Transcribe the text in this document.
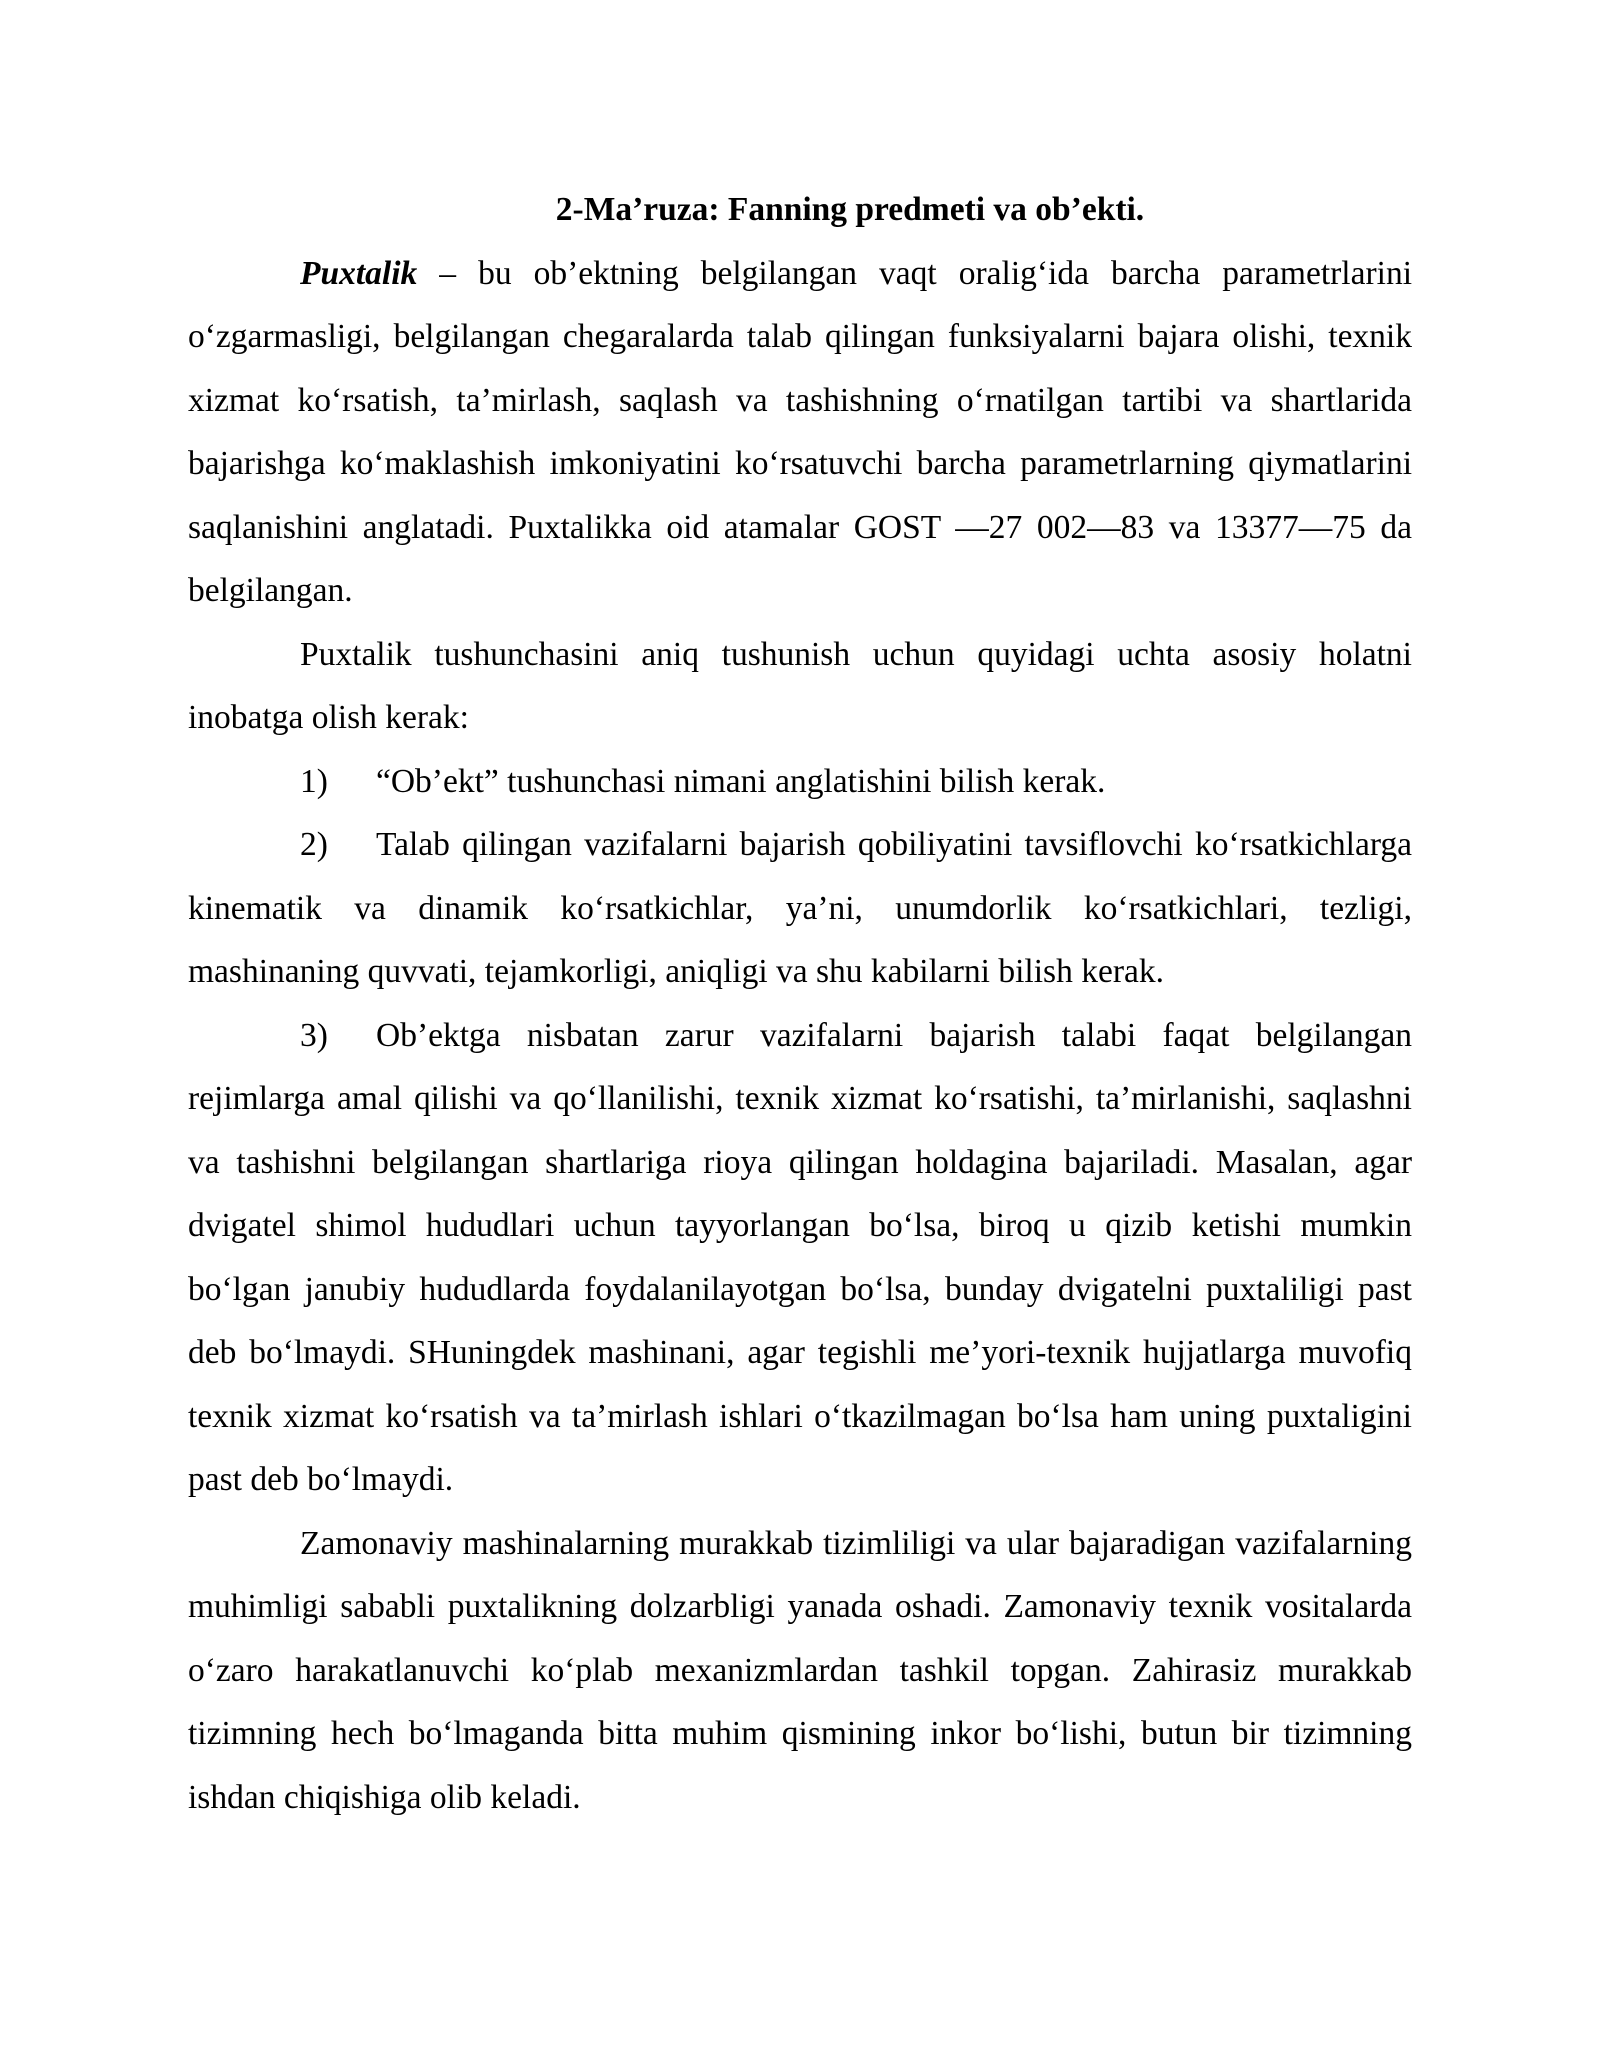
2-Ma’ruza: Fanning predmeti va ob’ekti.

Puxtalik – bu ob’ektning belgilangan vaqt oralig‘ida barcha parametrlarini o‘zgarmasligi, belgilangan chegaralarda talab qilingan funksiyalarni bajara olishi, texnik xizmat ko‘rsatish, ta’mirlash, saqlash va tashishning o‘rnatilgan tartibi va shartlarida bajarishga ko‘maklashish imkoniyatini ko‘rsatuvchi barcha parametrlarning qiymatlarini saqlanishini anglatadi. Puxtalikka oid atamalar GOST —27 002—83 va 13377—75 da belgilangan.

Puxtalik tushunchasini aniq tushunish uchun quyidagi uchta asosiy holatni inobatga olish kerak:

1) “Ob’ekt” tushunchasi nimani anglatishini bilish kerak.

2) Talab qilingan vazifalarni bajarish qobiliyatini tavsiflovchi ko‘rsatkichlarga kinematik va dinamik ko‘rsatkichlar, ya’ni, unumdorlik ko‘rsatkichlari, tezligi, mashinaning quvvati, tejamkorligi, aniqligi va shu kabilarni bilish kerak.

3) Ob’ektga nisbatan zarur vazifalarni bajarish talabi faqat belgilangan rejimlarga amal qilishi va qo‘llanilishi, texnik xizmat ko‘rsatishi, ta’mirlanishi, saqlashni va tashishni belgilangan shartlariga rioya qilingan holdagina bajariladi. Masalan, agar dvigatel shimol hududlari uchun tayyorlangan bo‘lsa, biroq u qizib ketishi mumkin bo‘lgan janubiy hududlarda foydalanilayotgan bo‘lsa, bunday dvigatelni puxtaliligi past deb bo‘lmaydi. SHuningdek mashinani, agar tegishli me’yori-texnik hujjatlarga muvofiq texnik xizmat ko‘rsatish va ta’mirlash ishlari o‘tkazilmagan bo‘lsa ham uning puxtaligini past deb bo‘lmaydi.

Zamonaviy mashinalarning murakkab tizimliligi va ular bajaradigan vazifalarning muhimligi sababli puxtalikning dolzarbligi yanada oshadi. Zamonaviy texnik vositalarda o‘zaro harakatlanuvchi ko‘plab mexanizmlardan tashkil topgan. Zahirasiz murakkab tizimning hech bo‘lmaganda bitta muhim qismining inkor bo‘lishi, butun bir tizimning ishdan chiqishiga olib keladi.
